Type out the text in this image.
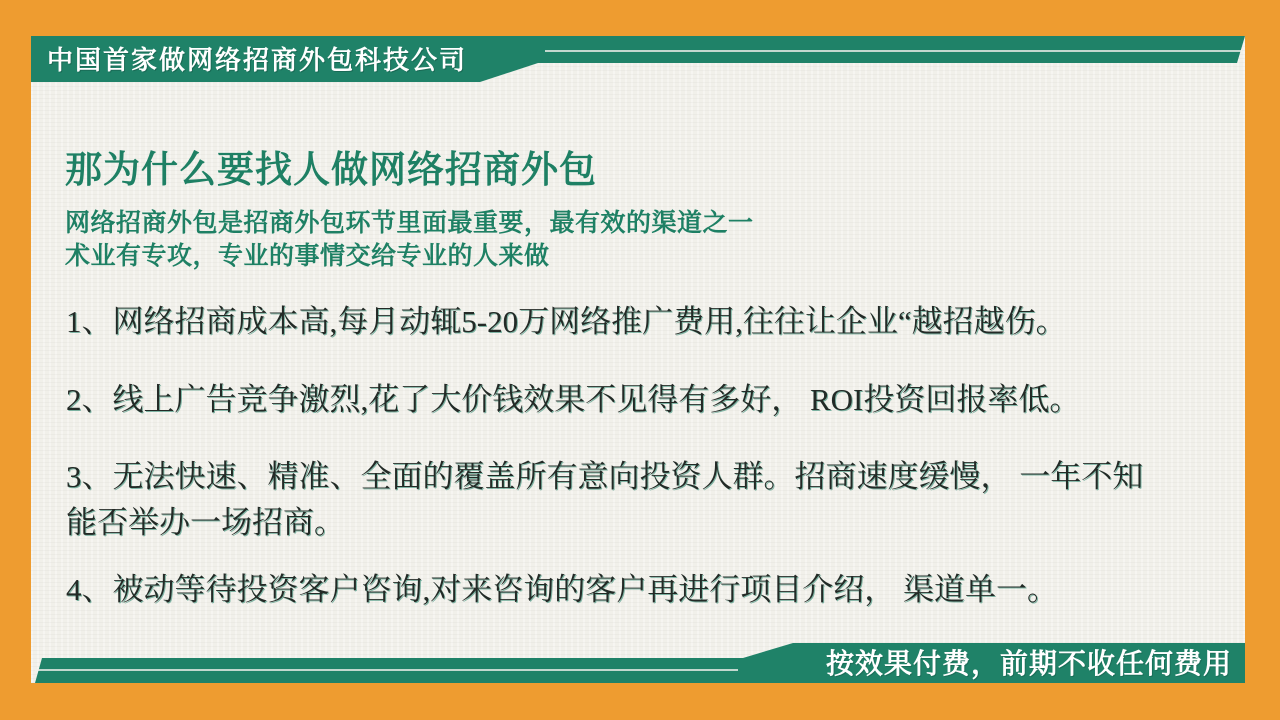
中国首家做网络招商外包科技公司
那为什么要找人做网络招商外包
网络招商外包是招商外包环节里面最重要，最有效的渠道之一
术业有专攻，专业的事情交给专业的人来做

1、网络招商成本高,每月动辄5-20万网络推广费用,往往让企业“越招越伤。

2、线上广告竞争激烈,花了大价钱效果不见得有多好， ROI投资回报率低。

3、无法快速、精准、全面的覆盖所有意向投资人群。招商速度缓慢， 一年不知
能否举办一场招商。

4、被动等待投资客户咨询,对来咨询的客户再进行项目介绍， 渠道单一。

按效果付费，前期不收任何费用
